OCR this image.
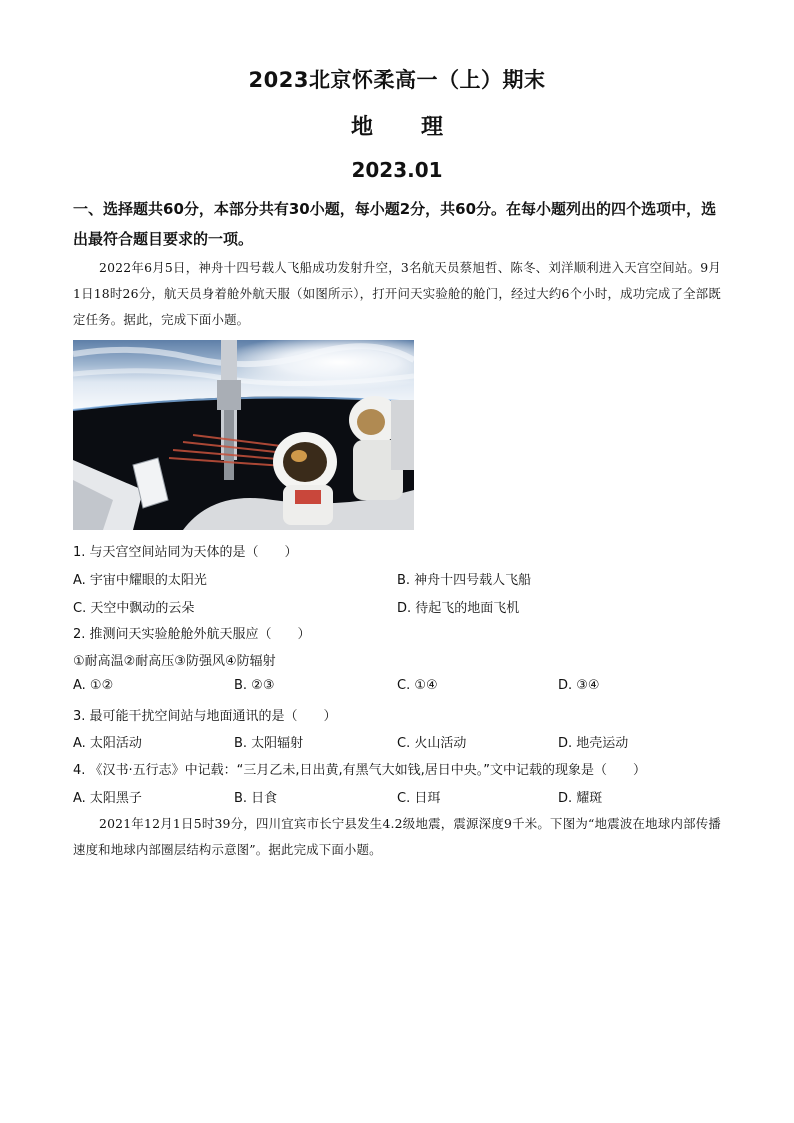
2023北京怀柔高一（上）期末
地 理
2023.01
一、选择题共60分，本部分共有30小题，每小题2分，共60分。在每小题列出的四个选项中，选出最符合题目要求的一项。
2022年6月5日，神舟十四号载人飞船成功发射升空，3名航天员蔡旭哲、陈冬、刘洋顺利进入天宫空间站。9月1日18时26分，航天员身着舱外航天服（如图所示），打开问天实验舱的舱门，经过大约6个小时，成功完成了全部既定任务。据此，完成下面小题。
1. 与天宫空间站同为天体的是（　　）
A. 宇宙中耀眼的太阳光	B. 神舟十四号载人飞船
C. 天空中飘动的云朵	D. 待起飞的地面飞机
2. 推测问天实验舱舱外航天服应（　　）
①耐高温②耐高压③防强风④防辐射
A. ①②	B. ②③	C. ①④	D. ③④
3. 最可能干扰空间站与地面通讯的是（　　）
A. 太阳活动	B. 太阳辐射	C. 火山活动	D. 地壳运动
4. 《汉书·五行志》中记载：“三月乙未,日出黄,有黑气大如钱,居日中央。”文中记载的现象是（　　）
A. 太阳黑子	B. 日食	C. 日珥	D. 耀斑
2021年12月1日5时39分，四川宜宾市长宁县发生4.2级地震，震源深度9千米。下图为“地震波在地球内部传播速度和地球内部圈层结构示意图”。据此完成下面小题。
